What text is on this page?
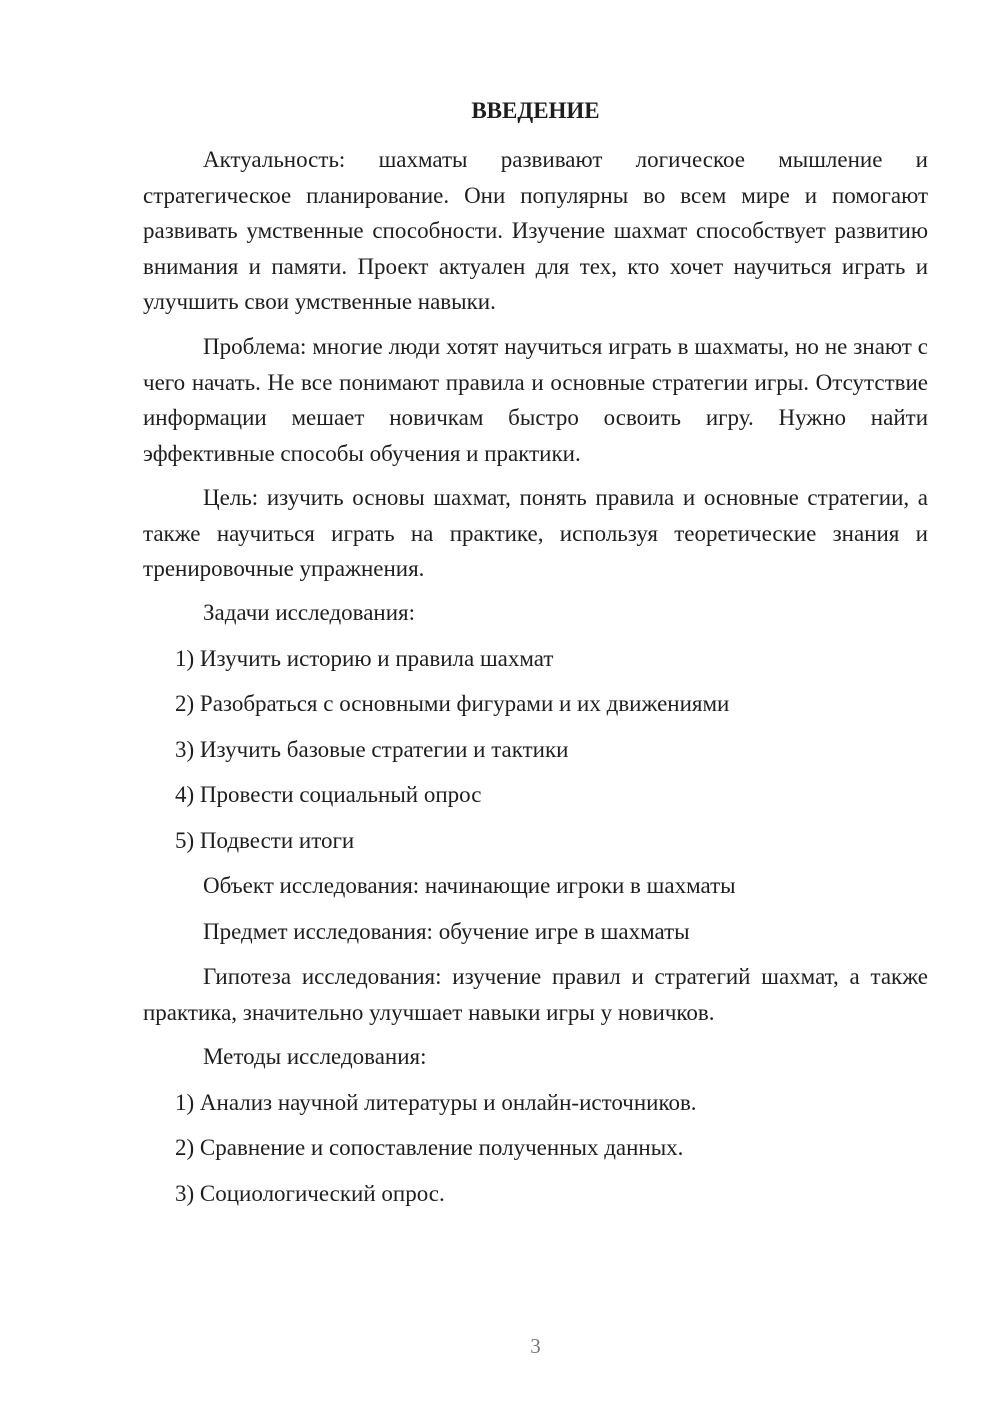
ВВЕДЕНИЕ
Актуальность: шахматы развивают логическое мышление и стратегическое планирование. Они популярны во всем мире и помогают развивать умственные способности. Изучение шахмат способствует развитию внимания и памяти. Проект актуален для тех, кто хочет научиться играть и улучшить свои умственные навыки.
Проблема: многие люди хотят научиться играть в шахматы, но не знают с чего начать. Не все понимают правила и основные стратегии игры. Отсутствие информации мешает новичкам быстро освоить игру. Нужно найти эффективные способы обучения и практики.
Цель: изучить основы шахмат, понять правила и основные стратегии, а также научиться играть на практике, используя теоретические знания и тренировочные упражнения.
Задачи исследования:
1) Изучить историю и правила шахмат
2) Разобраться с основными фигурами и их движениями
3) Изучить базовые стратегии и тактики
4) Провести социальный опрос
5) Подвести итоги
Объект исследования: начинающие игроки в шахматы
Предмет исследования: обучение игре в шахматы
Гипотеза исследования: изучение правил и стратегий шахмат, а также практика, значительно улучшает навыки игры у новичков.
Методы исследования:
1) Анализ научной литературы и онлайн-источников.
2) Сравнение и сопоставление полученных данных.
3) Социологический опрос.
3
